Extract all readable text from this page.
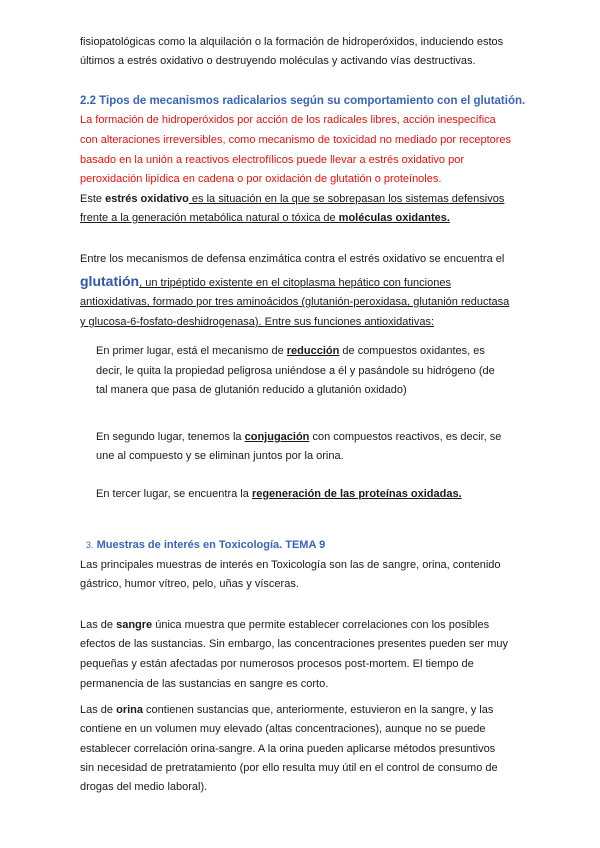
fisiopatológicas como la alquilación o la formación de hidroperóxidos, induciendo estos

últimos a estrés oxidativo o destruyendo moléculas y activando vías destructivas.

2.2 Tipos de mecanismos radicalarios según su comportamiento con el glutatión.

La formación de hidroperóxidos por acción de los radicales libres, acción inespecífica

con alteraciones irreversibles, como mecanismo de toxicidad no mediado por receptores

basado en la unión a reactivos electrofílicos puede llevar a estrés oxidativo por

peroxidación lipídica en cadena o por oxidación de glutatión o proteínoles.

Este estrés oxidativo es la situación en la que se sobrepasan los sistemas defensivos

frente a la generación metabólica natural o tóxica de moléculas oxidantes.

Entre los mecanismos de defensa enzimática contra el estrés oxidativo se encuentra el

glutatión, un tripéptido existente en el citoplasma hepático con funciones

antioxidativas, formado por tres aminoácidos (glutanión-peroxidasa, glutanión reductasa

y glucosa-6-fosfato-deshidrogenasa). Entre sus funciones antioxidativas:

En primer lugar, está el mecanismo de reducción de compuestos oxidantes, es

decir, le quita la propiedad peligrosa uniéndose a él y pasándole su hidrógeno (de

tal manera que pasa de glutanión reducido a glutanión oxidado)

En segundo lugar, tenemos la conjugación con compuestos reactivos, es decir, se

une al compuesto y se eliminan juntos por la orina.

En tercer lugar, se encuentra la regeneración de las proteínas oxidadas.

3. Muestras de interés en Toxicología. TEMA 9

Las principales muestras de interés en Toxicología son las de sangre, orina, contenido

gástrico, humor vítreo, pelo, uñas y vísceras.

Las de sangre única muestra que permite establecer correlaciones con los posibles

efectos de las sustancias. Sin embargo, las concentraciones presentes pueden ser muy

pequeñas y están afectadas por numerosos procesos post-mortem. El tiempo de

permanencia de las sustancias en sangre es corto.

Las de orina contienen sustancias que, anteriormente, estuvieron en la sangre, y las

contiene en un volumen muy elevado (altas concentraciones), aunque no se puede

establecer correlación orina-sangre. A la orina pueden aplicarse métodos presuntivos

sin necesidad de pretratamiento (por ello resulta muy útil en el control de consumo de

drogas del medio laboral).
